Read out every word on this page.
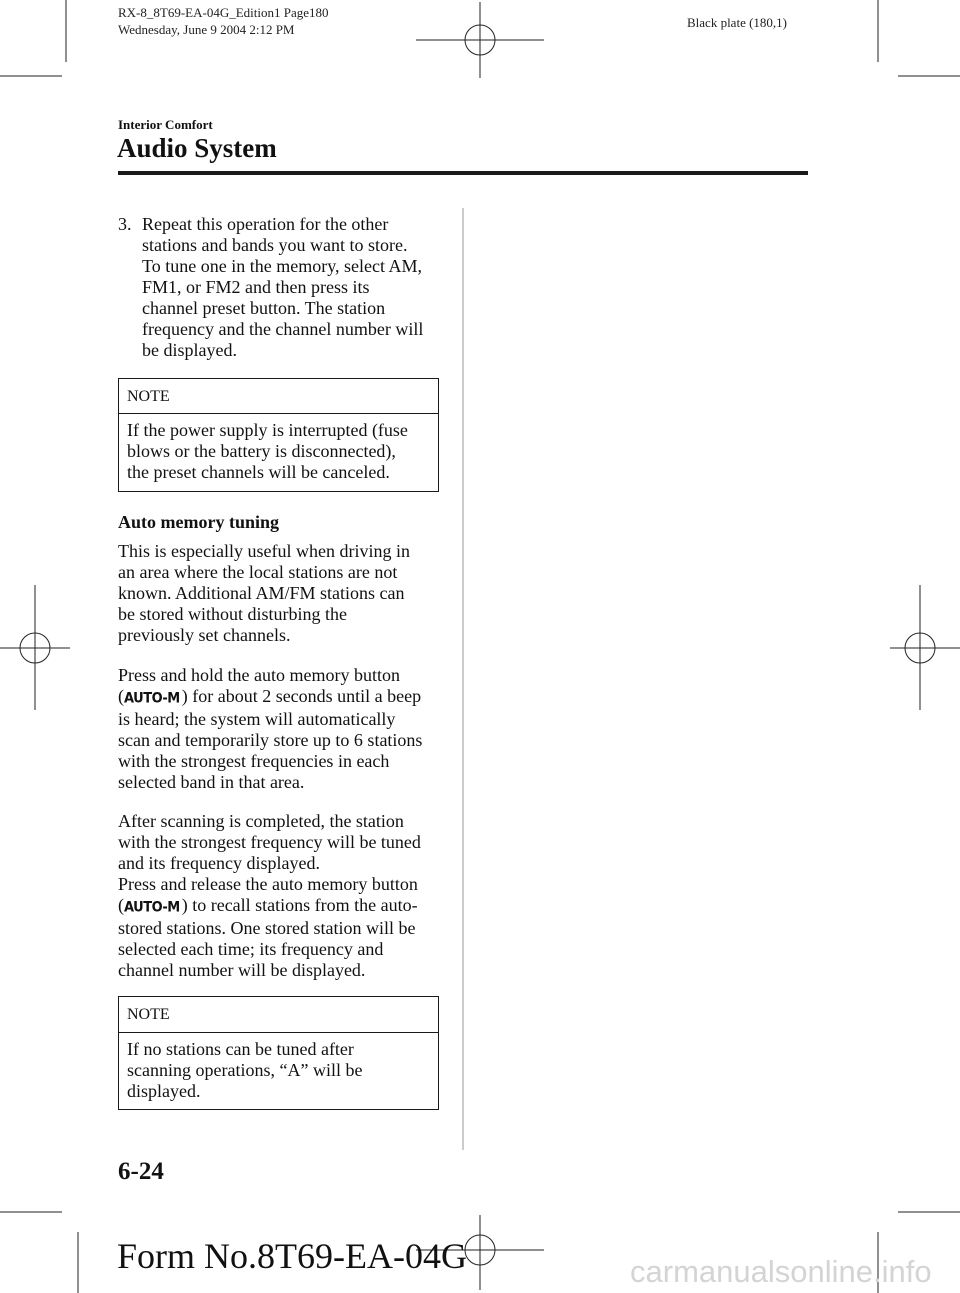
RX-8_8T69-EA-04G_Edition1 Page180
Wednesday, June 9 2004 2:12 PM	Black plate (180,1)
Interior Comfort
Audio System
3. Repeat this operation for the other

stations and bands you want to store.

To tune one in the memory, select AM,

FM1, or FM2 and then press its

channel preset button. The station

frequency and the channel number will

be displayed.

NOTE

If the power supply is interrupted (fuse

blows or the battery is disconnected),

the preset channels will be canceled.

Auto memory tuning

This is especially useful when driving in

an area where the local stations are not

known. Additional AM/FM stations can

be stored without disturbing the

previously set channels.

Press and hold the auto memory button

(AUTO-M ) for about 2 seconds until a beep

is heard; the system will automatically

scan and temporarily store up to 6 stations

with the strongest frequencies in each

selected band in that area.

After scanning is completed, the station

with the strongest frequency will be tuned

and its frequency displayed.

Press and release the auto memory button

(AUTO-M ) to recall stations from the auto-

stored stations. One stored station will be

selected each time; its frequency and

channel number will be displayed.

NOTE

If no stations can be tuned after

scanning operations, “A” will be

displayed.

6-24
Form No.8T69-EA-04G	carmanualsonline.info
